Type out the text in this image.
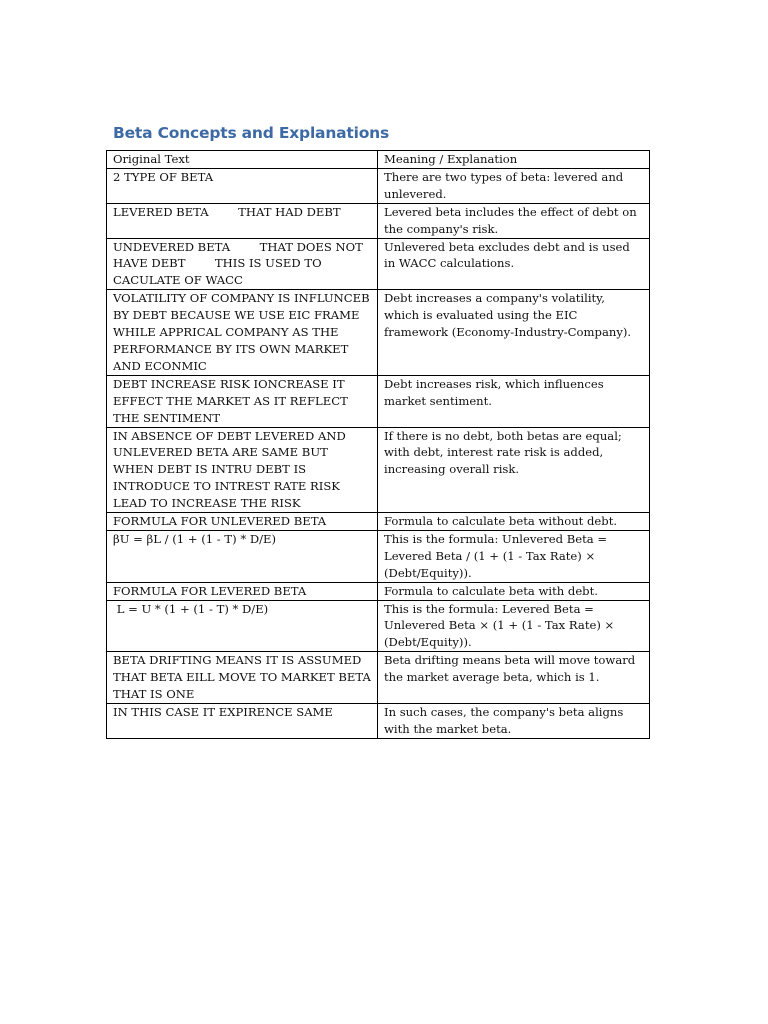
Beta Concepts and Explanations
Original Text	Meaning / Explanation
2 TYPE OF BETA	There are two types of beta: levered and unlevered.
LEVERED BETA        THAT HAD DEBT	Levered beta includes the effect of debt on the company's risk.
UNDEVERED BETA        THAT DOES NOT HAVE DEBT        THIS IS USED TO CACULATE OF WACC	Unlevered beta excludes debt and is used in WACC calculations.
VOLATILITY OF COMPANY IS INFLUNCEB BY DEBT BECAUSE WE USE EIC FRAME WHILE APPRICAL COMPANY AS THE PERFORMANCE BY ITS OWN MARKET AND ECONMIC	Debt increases a company's volatility, which is evaluated using the EIC framework (Economy-Industry-Company).
DEBT INCREASE RISK IONCREASE IT EFFECT THE MARKET AS IT REFLECT THE SENTIMENT	Debt increases risk, which influences market sentiment.
IN ABSENCE OF DEBT LEVERED AND UNLEVERED BETA ARE SAME BUT WHEN DEBT IS INTRU DEBT IS INTRODUCE TO INTREST RATE RISK LEAD TO INCREASE THE RISK	If there is no debt, both betas are equal; with debt, interest rate risk is added, increasing overall risk.
FORMULA FOR UNLEVERED BETA	Formula to calculate beta without debt.
βU = βL / (1 + (1 - T) * D/E)	This is the formula: Unlevered Beta = Levered Beta / (1 + (1 - Tax Rate) × (Debt/Equity)).
FORMULA FOR LEVERED BETA	Formula to calculate beta with debt.
L = U * (1 + (1 - T) * D/E)	This is the formula: Levered Beta = Unlevered Beta × (1 + (1 - Tax Rate) × (Debt/Equity)).
BETA DRIFTING MEANS IT IS ASSUMED THAT BETA EILL MOVE TO MARKET BETA THAT IS ONE	Beta drifting means beta will move toward the market average beta, which is 1.
IN THIS CASE IT EXPIRENCE SAME	In such cases, the company's beta aligns with the market beta.
